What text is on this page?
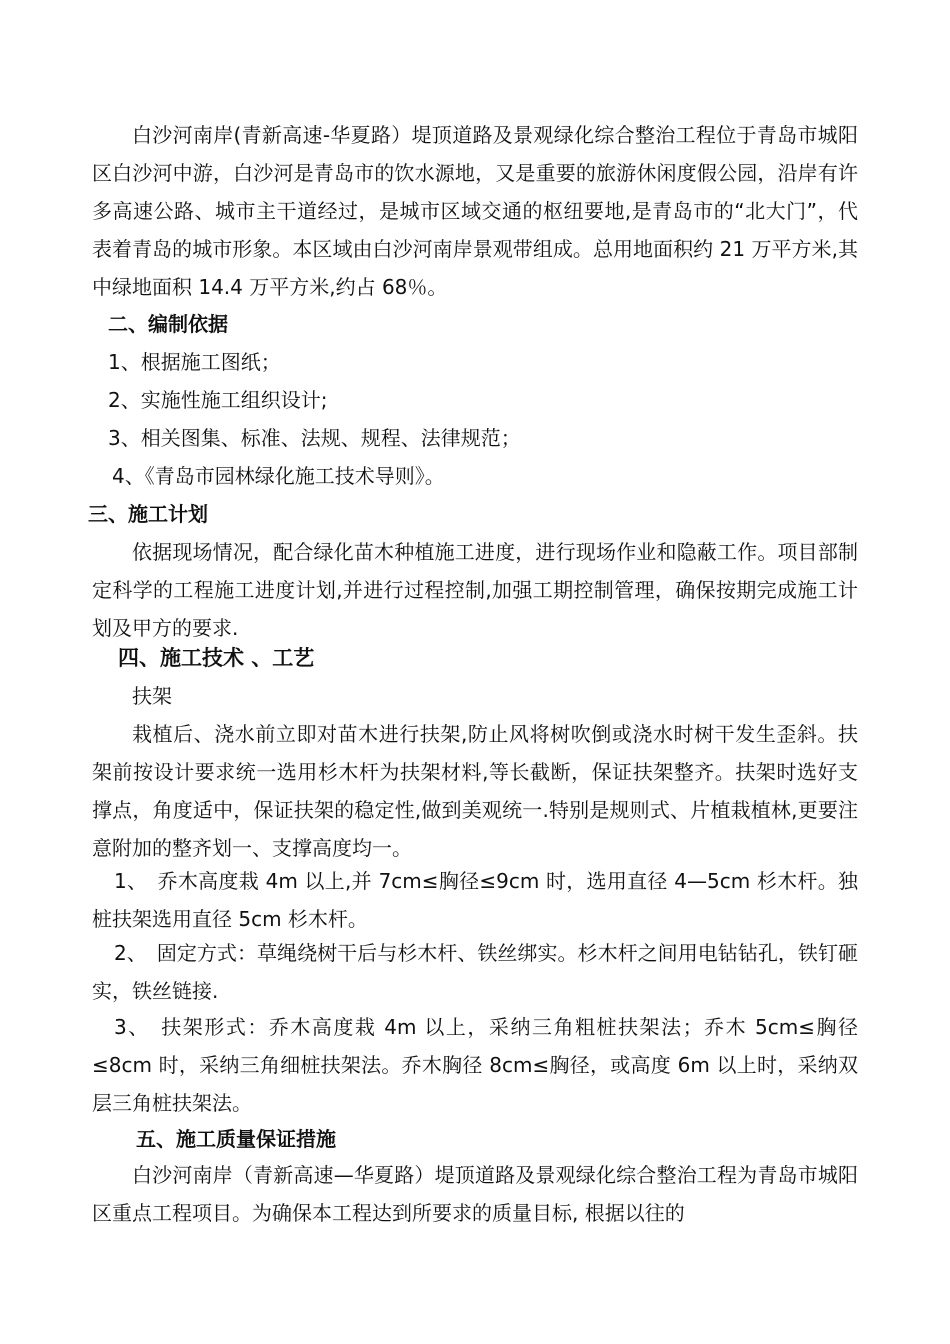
白沙河南岸(青新高速-华夏路）堤顶道路及景观绿化综合整治工程位于青岛市城阳区白沙河中游，白沙河是青岛市的饮水源地，又是重要的旅游休闲度假公园，沿岸有许多高速公路、城市主干道经过，是城市区域交通的枢纽要地,是青岛市的“北大门”，代表着青岛的城市形象。本区域由白沙河南岸景观带组成。总用地面积约 21 万平方米,其中绿地面积 14.4 万平方米,约占 68％。

二、编制依据

1、根据施工图纸；

2、实施性施工组织设计;

3、相关图集、标准、法规、规程、法律规范；

4、《青岛市园林绿化施工技术导则》。

三、施工计划

依据现场情况，配合绿化苗木种植施工进度，进行现场作业和隐蔽工作。项目部制定科学的工程施工进度计划,并进行过程控制,加强工期控制管理，确保按期完成施工计划及甲方的要求.

四、施工技术 、工艺

扶架

栽植后、浇水前立即对苗木进行扶架,防止风将树吹倒或浇水时树干发生歪斜。扶架前按设计要求统一选用杉木杆为扶架材料,等长截断，保证扶架整齐。扶架时选好支撑点，角度适中，保证扶架的稳定性,做到美观统一.特别是规则式、片植栽植林,更要注意附加的整齐划一、支撑高度均一。

1、　乔木高度栽 4m 以上,并 7cm≤胸径≤9cm 时，选用直径 4—5cm 杉木杆。独桩扶架选用直径 5cm 杉木杆。

2、　固定方式：草绳绕树干后与杉木杆、铁丝绑实。杉木杆之间用电钻钻孔，铁钉砸实，铁丝链接.

3、　扶架形式：乔木高度栽 4m 以上，采纳三角粗桩扶架法；乔木 5cm≤胸径≤8cm 时，采纳三角细桩扶架法。乔木胸径 8cm≤胸径，或高度 6m 以上时，采纳双层三角桩扶架法。

五、施工质量保证措施

白沙河南岸（青新高速—华夏路）堤顶道路及景观绿化综合整治工程为青岛市城阳区重点工程项目。为确保本工程达到所要求的质量目标, 根据以往的
